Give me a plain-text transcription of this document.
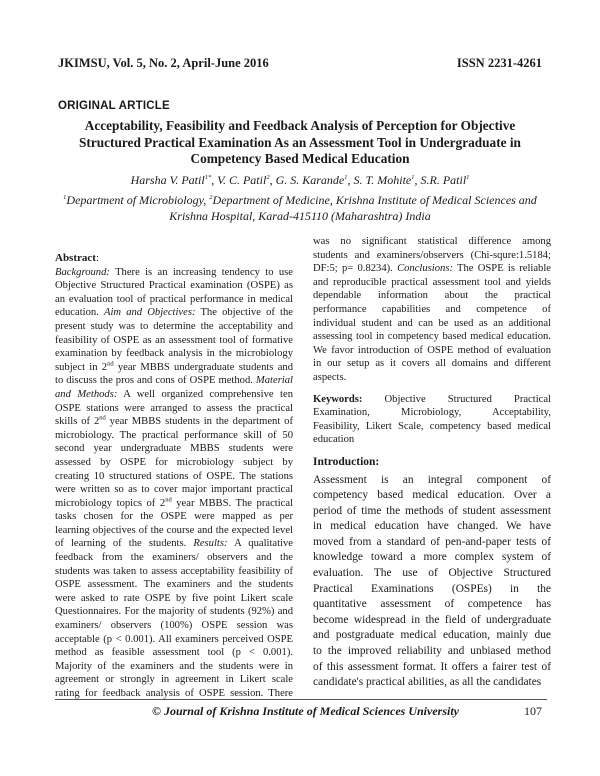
JKIMSU, Vol. 5, No. 2, April-June 2016	ISSN 2231-4261
ORIGINAL ARTICLE
Acceptability, Feasibility and Feedback Analysis of Perception for Objective
Structured Practical Examination As an Assessment Tool in Undergraduate in
Competency Based Medical Education
Harsha V. Patil$^{1*}$, V. C. Patil$^2$, G. S. Karande$^1$, S. T. Mohite$^1$, S.R. Patil$^1$
$^1$Department of Microbiology, $^2$Department of Medicine, Krishna Institute of Medical Sciences and
Krishna Hospital, Karad-415110 (Maharashtra) India

Abstract:

Background: There is an increasing tendency to use

Objective Structured Practical examination (OSPE) as

an evaluation tool of practical performance in medical

education. Aim and Objectives: The objective of the

present study was to determine the acceptability and

feasibility of OSPE as an assessment tool of formative

examination by feedback analysis in the microbiology

subject in 2nd year MBBS undergraduate students and

to discuss the pros and cons of OSPE method. Material

and Methods: A well organized comprehensive ten

OSPE stations were arranged to assess the practical

skills of 2nd year MBBS students in the department of

microbiology. The practical performance skill of 50

second year undergraduate MBBS students were

assessed by OSPE for microbiology subject by

creating 10 structured stations of OSPE. The stations

were written so as to cover major important practical

microbiology topics of 2nd year MBBS. The practical

tasks chosen for the OSPE were mapped as per

learning objectives of the course and the expected level

of learning of the students. Results: A qualitative

feedback from the examiners/ observers and the

students was taken to assess acceptability feasibility of

OSPE assessment. The examiners and the students

were asked to rate OSPE by five point Likert scale

Questionnaires. For the majority of students (92%) and

examiners/ observers (100%) OSPE session was

acceptable (p < 0.001). All examiners perceived OSPE

method as feasible assessment tool (p < 0.001).

Majority of the examiners and the students were in

agreement or strongly in agreement in Likert scale

rating for feedback analysis of OSPE session. There

was no significant statistical difference among

students and examiners/observers (Chi-squre:1.5184;

DF:5; p= 0.8234). Conclusions: The OSPE is reliable

and reproducible practical assessment tool and yields

dependable information about the practical

performance capabilities and competence of

individual student and can be used as an additional

assessing tool in competency based medical education.

We favor introduction of OSPE method of evaluation

in our setup as it covers all domains and different

aspects.

Keywords: Objective Structured Practical

Examination, Microbiology, Acceptability,

Feasibility, Likert Scale, competency based medical

education

Introduction:

Assessment is an integral component of

competency based medical education. Over a

period of time the methods of student assessment

in medical education have changed. We have

moved from a standard of pen-and-paper tests of

knowledge toward a more complex system of

evaluation. The use of Objective Structured

Practical Examinations (OSPEs) in the

quantitative assessment of competence has

become widespread in the field of undergraduate

and postgraduate medical education, mainly due

to the improved reliability and unbiased method

of this assessment format. It offers a fairer test of

candidate's practical abilities, as all the candidates

© Journal of Krishna Institute of Medical Sciences University	107
